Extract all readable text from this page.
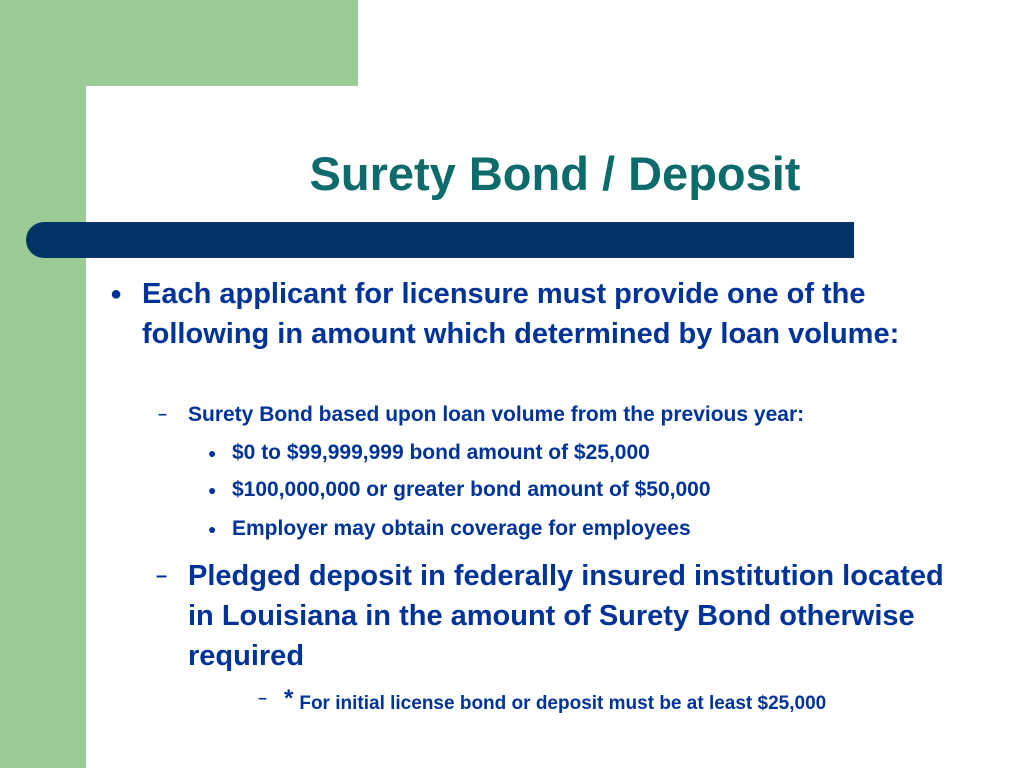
Surety Bond / Deposit
● Each applicant for licensure must provide one of the following in amount which determined by loan volume:

– Surety Bond based upon loan volume from the previous year:

● $0 to $99,999,999 bond amount of $25,000

● $100,000,000 or greater bond amount of $50,000

● Employer may obtain coverage for employees

– Pledged deposit in federally insured institution located in Louisiana in the amount of Surety Bond otherwise required

– * For initial license bond or deposit must be at least $25,000
